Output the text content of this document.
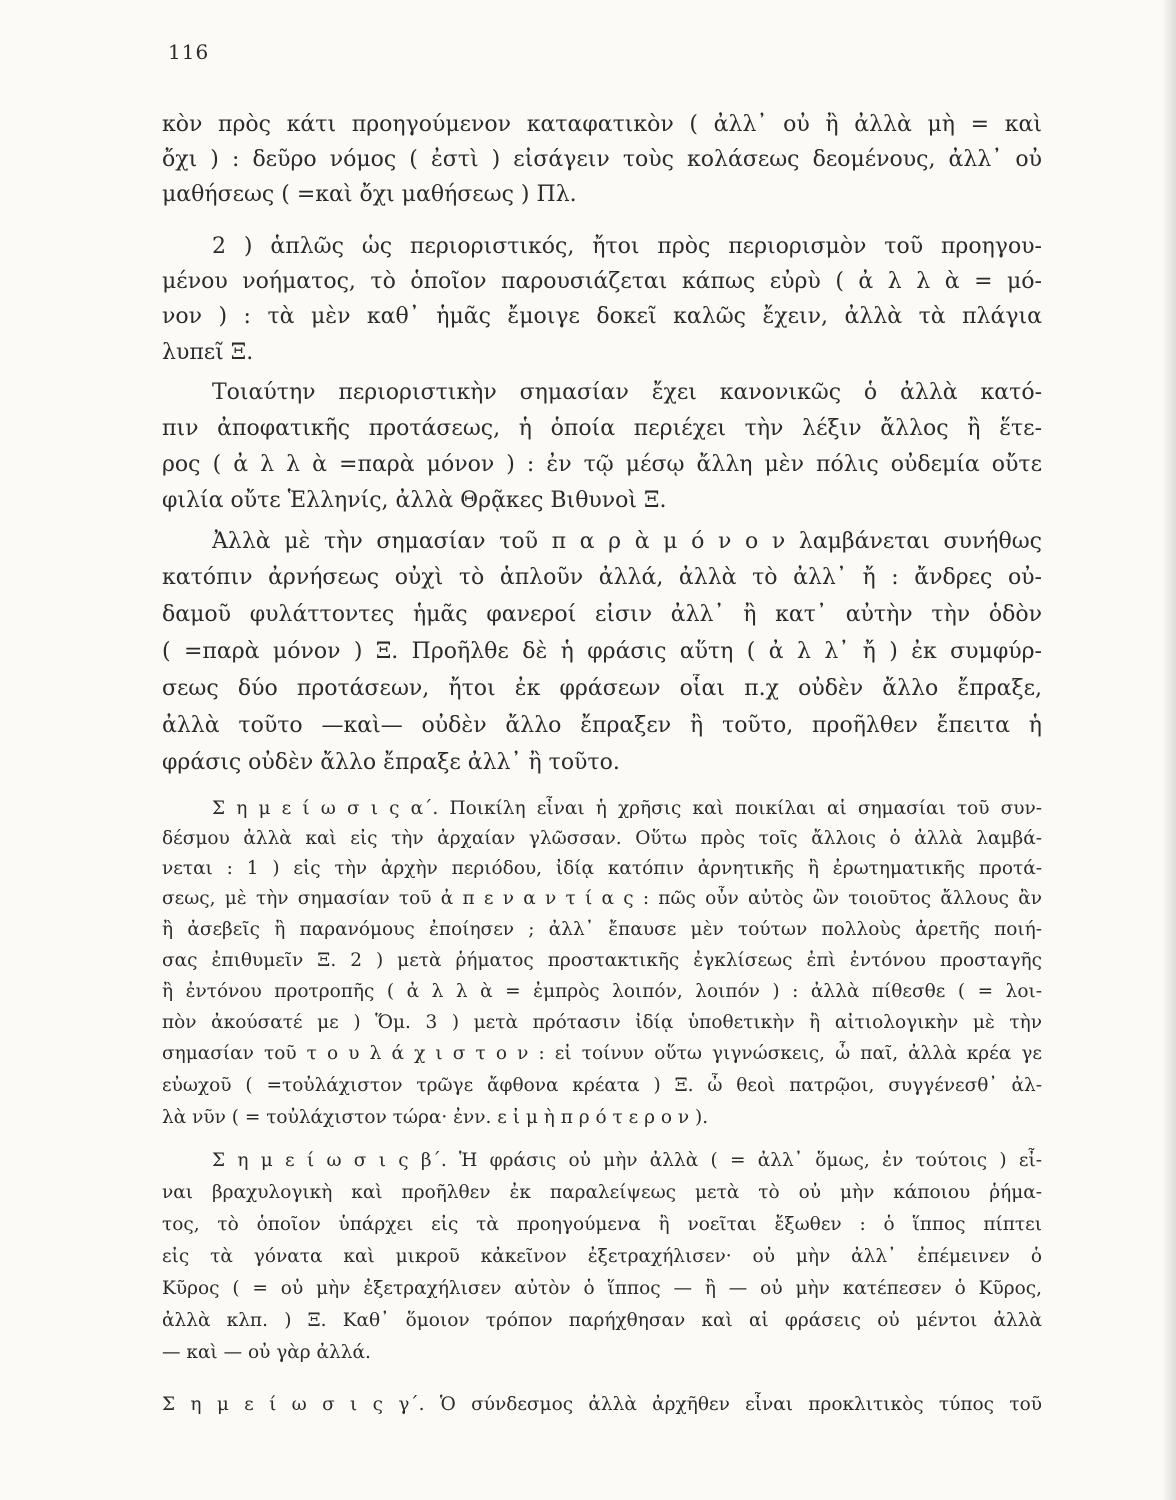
116
κὸν πρὸς κάτι προηγούμενον καταφατικὸν ( ἀλλ᾽ οὐ ἢ ἀλλὰ μὴ = καὶ
ὄχι ) : δεῦρο νόμος ( ἐστὶ ) εἰσάγειν τοὺς κολάσεως δεομένους, ἀλλ᾽ οὐ
μαθήσεως ( =καὶ ὄχι μαθήσεως ) Πλ.
2 ) ἁπλῶς ὡς περιοριστικός, ἤτοι πρὸς περιορισμὸν τοῦ προηγου-
μένου νοήματος, τὸ ὁποῖον παρουσιάζεται κάπως εὐρὺ ( ἀ λ λ ὰ = μό-
νον ) : τὰ μὲν καθ᾽ ἡμᾶς ἔμοιγε δοκεῖ καλῶς ἔχειν, ἀλλὰ τὰ πλάγια
λυπεῖ Ξ.
Τοιαύτην περιοριστικὴν σημασίαν ἔχει κανονικῶς ὁ ἀλλὰ κατό-
πιν ἀποφατικῆς προτάσεως, ἡ ὁποία περιέχει τὴν λέξιν ἄλλος ἢ ἕτε-
ρος ( ἀ λ λ ὰ =παρὰ μόνον ) : ἐν τῷ μέσῳ ἄλλη μὲν πόλις οὐδεμία οὔτε
φιλία οὔτε Ἑλληνίς, ἀλλὰ Θρᾷκες Βιθυνοὶ Ξ.
Ἀλλὰ μὲ τὴν σημασίαν τοῦ π α ρ ὰ μ ό ν ο ν λαμβάνεται συνήθως
κατόπιν ἀρνήσεως οὐχὶ τὸ ἁπλοῦν ἀλλά, ἀλλὰ τὸ ἀλλ᾽ ἤ : ἄνδρες οὐ-
δαμοῦ φυλάττοντες ἡμᾶς φανεροί εἰσιν ἀλλ᾽ ἢ κατ᾽ αὐτὴν τὴν ὁδὸν
( =παρὰ μόνον ) Ξ. Προῆλθε δὲ ἡ φράσις αὕτη ( ἀ λ λ᾽ ἤ ) ἐκ συμφύρ-
σεως δύο προτάσεων, ἤτοι ἐκ φράσεων οἷαι π.χ οὐδὲν ἄλλο ἔπραξε,
ἀλλὰ τοῦτο —καὶ— οὐδὲν ἄλλο ἔπραξεν ἢ τοῦτο, προῆλθεν ἔπειτα ἡ
φράσις οὐδὲν ἄλλο ἔπραξε ἀλλ᾽ ἢ τοῦτο.
Σ η μ ε ί ω σ ι ς α΄. Ποικίλη εἶναι ἡ χρῆσις καὶ ποικίλαι αἱ σημασίαι τοῦ συν-
δέσμου ἀλλὰ καὶ εἰς τὴν ἀρχαίαν γλῶσσαν. Οὕτω πρὸς τοῖς ἄλλοις ὁ ἀλλὰ λαμβά-
νεται : 1 ) εἰς τὴν ἀρχὴν περιόδου, ἰδίᾳ κατόπιν ἀρνητικῆς ἢ ἐρωτηματικῆς προτά-
σεως, μὲ τὴν σημασίαν τοῦ ἀ π ε ν α ν τ ί α ς : πῶς οὖν αὐτὸς ὢν τοιοῦτος ἄλλους ἂν
ἢ ἀσεβεῖς ἢ παρανόμους ἐποίησεν ; ἀλλ᾽ ἔπαυσε μὲν τούτων πολλοὺς ἀρετῆς ποιή-
σας ἐπιθυμεῖν Ξ. 2 ) μετὰ ῥήματος προστακτικῆς ἐγκλίσεως ἐπὶ ἐντόνου προσταγῆς
ἢ ἐντόνου προτροπῆς ( ἀ λ λ ὰ = ἐμπρὸς λοιπόν, λοιπόν ) : ἀλλὰ πίθεσθε ( = λοι-
πὸν ἀκούσατέ με ) Ὅμ. 3 ) μετὰ πρότασιν ἰδίᾳ ὑποθετικὴν ἢ αἰτιολογικὴν μὲ τὴν
σημασίαν τοῦ τ ο υ λ ά χ ι σ τ ο ν : εἰ τοίνυν οὕτω γιγνώσκεις, ὦ παῖ, ἀλλὰ κρέα γε
εὐωχοῦ ( =τοὐλάχιστον τρῶγε ἄφθονα κρέατα ) Ξ. ὦ θεοὶ πατρῷοι, συγγένεσθ᾽ ἀλ-
λὰ νῦν ( = τοὐλάχιστον τώρα· ἐνν. ε ἰ μ ὴ π ρ ό τ ε ρ ο ν ).
Σ η μ ε ί ω σ ι ς β΄. Ἡ φράσις οὐ μὴν ἀλλὰ ( = ἀλλ᾽ ὅμως, ἐν τούτοις ) εἶ-
ναι βραχυλογικὴ καὶ προῆλθεν ἐκ παραλείψεως μετὰ τὸ οὐ μὴν κάποιου ῥήμα-
τος, τὸ ὁποῖον ὑπάρχει εἰς τὰ προηγούμενα ἢ νοεῖται ἔξωθεν : ὁ ἵππος πίπτει
εἰς τὰ γόνατα καὶ μικροῦ κἀκεῖνον ἐξετραχήλισεν· οὐ μὴν ἀλλ᾽ ἐπέμεινεν ὁ
Κῦρος ( = οὐ μὴν ἐξετραχήλισεν αὐτὸν ὁ ἵππος — ἢ — οὐ μὴν κατέπεσεν ὁ Κῦρος,
ἀλλὰ κλπ. ) Ξ. Καθ᾽ ὅμοιον τρόπον παρήχθησαν καὶ αἱ φράσεις οὐ μέντοι ἀλλὰ
— καὶ — οὐ γὰρ ἀλλά.
Σ η μ ε ί ω σ ι ς γ΄. Ὁ σύνδεσμος ἀλλὰ ἀρχῆθεν εἶναι προκλιτικὸς τύπος τοῦ
